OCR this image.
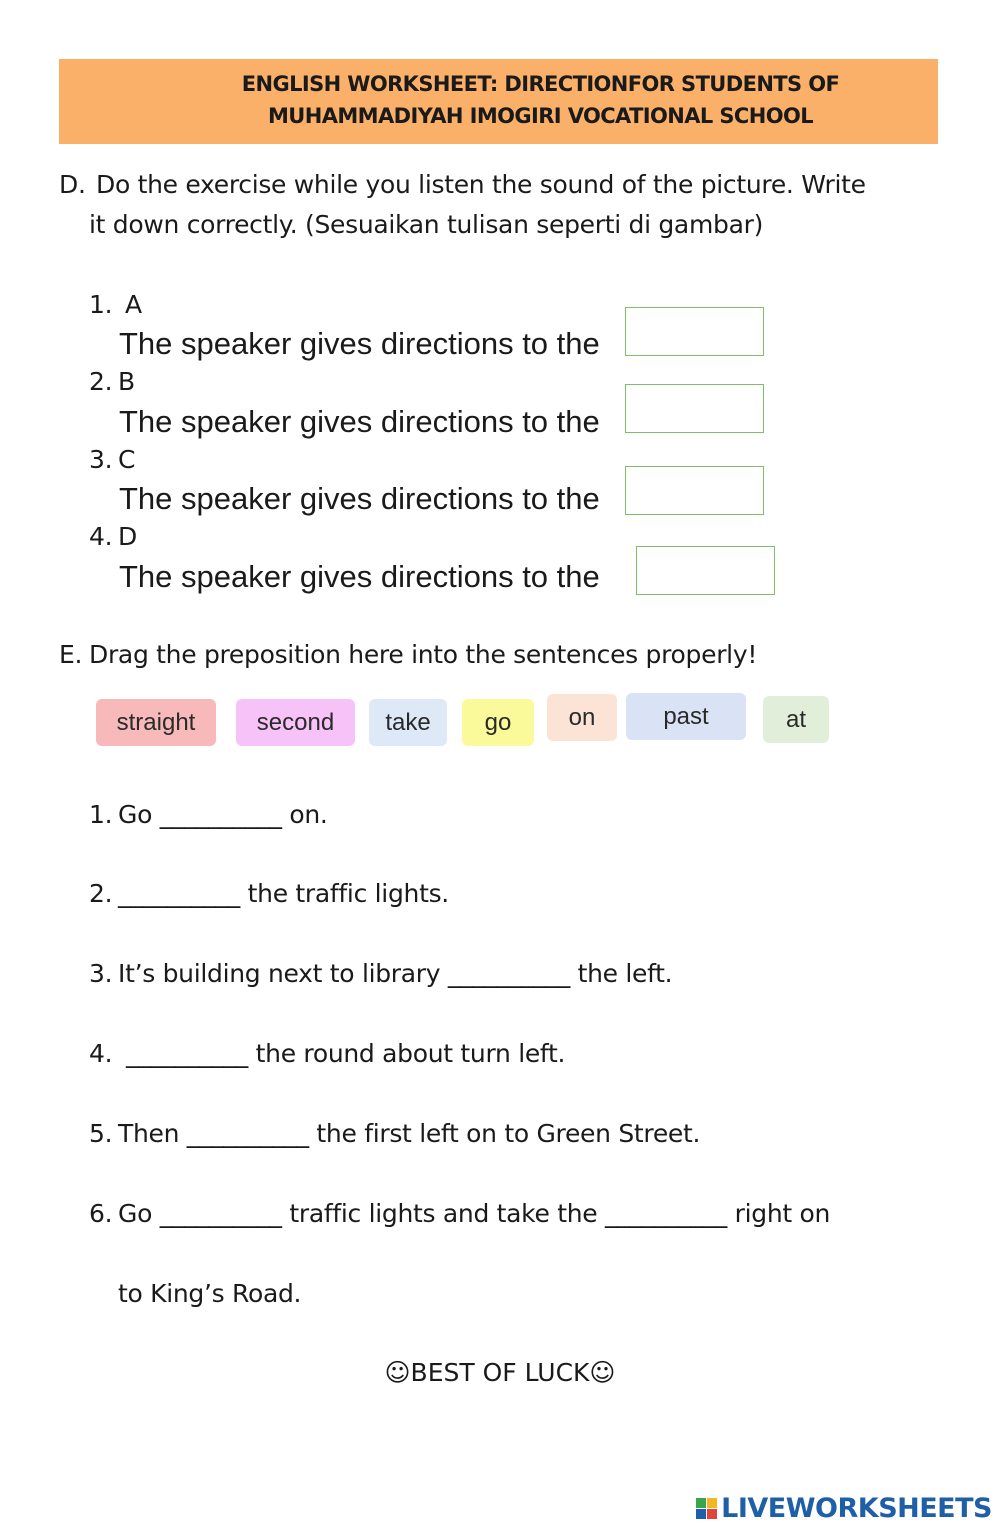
ENGLISH WORKSHEET: DIRECTIONFOR STUDENTS OF
MUHAMMADIYAH IMOGIRI VOCATIONAL SCHOOL
D. Do the exercise while you listen the sound of the picture. Write
it down correctly. (Sesuaikan tulisan seperti di gambar)
1. A
The speaker gives directions to the
2. B
The speaker gives directions to the
3. C
The speaker gives directions to the
4. D
The speaker gives directions to the
E. Drag the preposition here into the sentences properly!
straight	second	take	go	on	past	at
1. Go __________ on.
2. __________ the traffic lights.
3. It’s building next to library __________ the left.
4. __________ the round about turn left.
5. Then __________ the first left on to Green Street.
6. Go __________ traffic lights and take the __________ right on
to King’s Road.
☺BEST OF LUCK☺
LIVEWORKSHEETS
